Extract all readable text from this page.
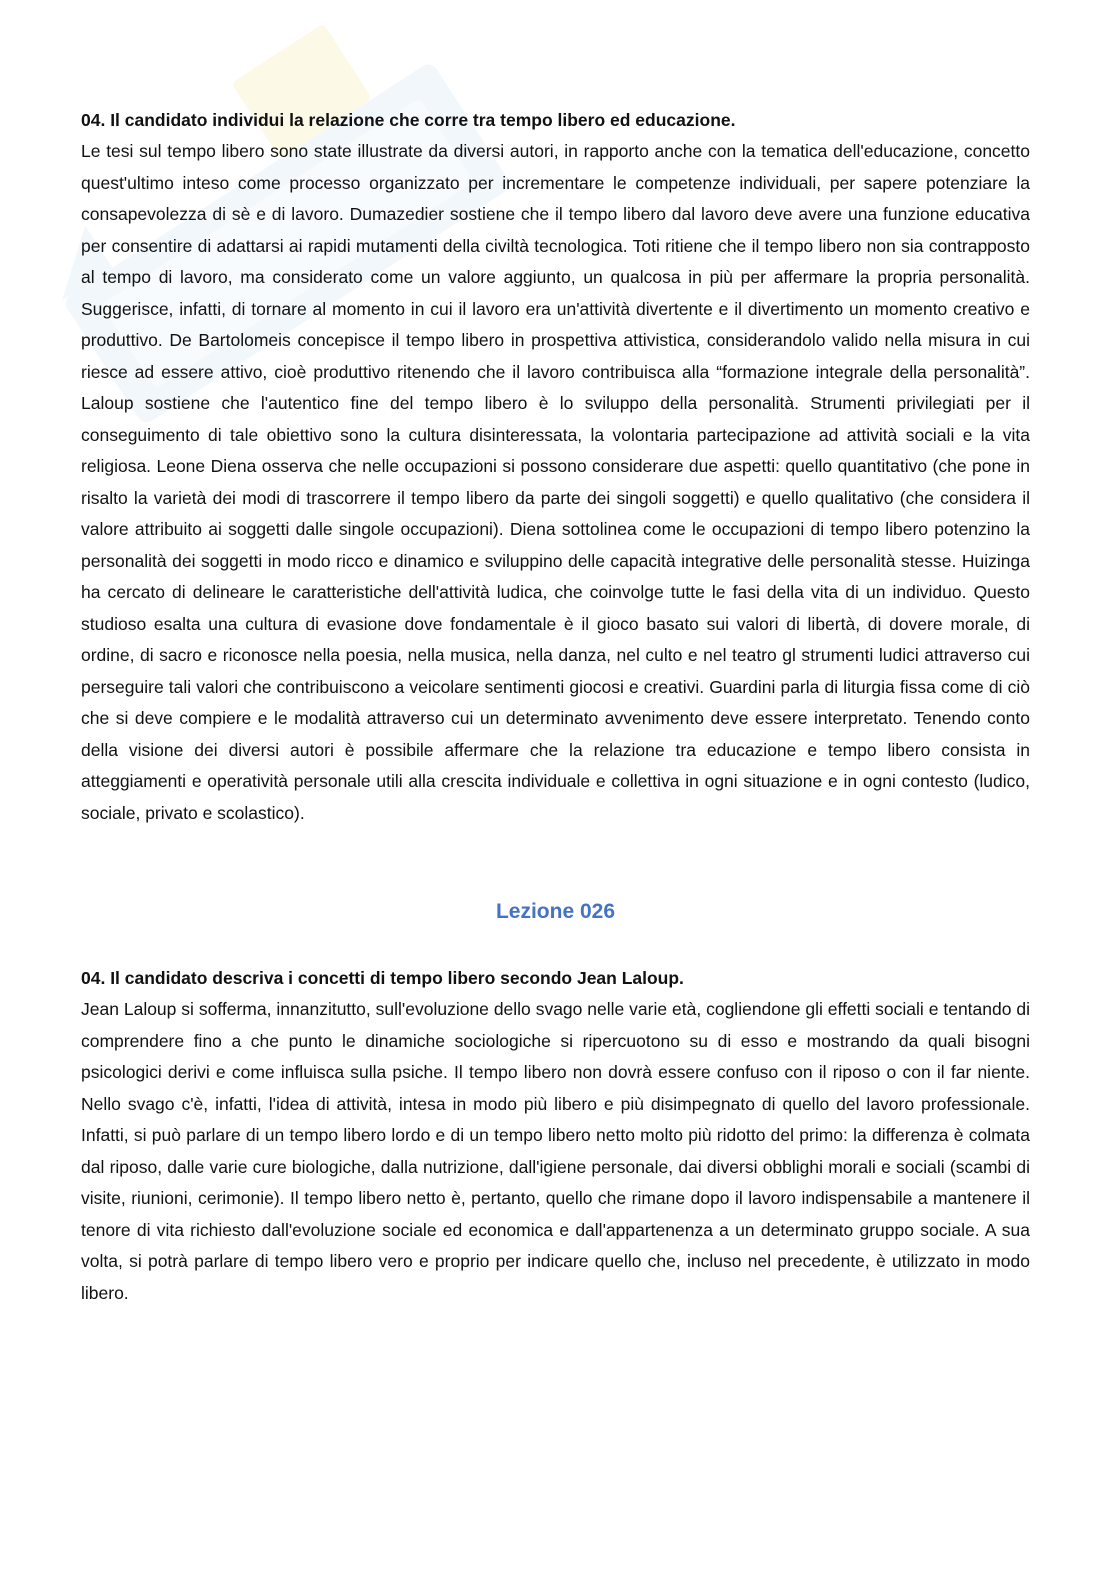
04. Il candidato individui la relazione che corre tra tempo libero ed educazione.

Le tesi sul tempo libero sono state illustrate da diversi autori, in rapporto anche con la tematica dell'educazione, concetto quest'ultimo inteso come processo organizzato per incrementare le competenze individuali, per sapere potenziare la consapevolezza di sè e di lavoro. Dumazedier sostiene che il tempo libero dal lavoro deve avere una funzione educativa per consentire di adattarsi ai rapidi mutamenti della civiltà tecnologica. Toti ritiene che il tempo libero non sia contrapposto al tempo di lavoro, ma considerato come un valore aggiunto, un qualcosa in più per affermare la propria personalità. Suggerisce, infatti, di tornare al momento in cui il lavoro era un'attività divertente e il divertimento un momento creativo e produttivo. De Bartolomeis concepisce il tempo libero in prospettiva attivistica, considerandolo valido nella misura in cui riesce ad essere attivo, cioè produttivo ritenendo che il lavoro contribuisca alla “formazione integrale della personalità”. Laloup sostiene che l'autentico fine del tempo libero è lo sviluppo della personalità. Strumenti privilegiati per il conseguimento di tale obiettivo sono la cultura disinteressata, la volontaria partecipazione ad attività sociali e la vita religiosa. Leone Diena osserva che nelle occupazioni si possono considerare due aspetti: quello quantitativo (che pone in risalto la varietà dei modi di trascorrere il tempo libero da parte dei singoli soggetti) e quello qualitativo (che considera il valore attribuito ai soggetti dalle singole occupazioni). Diena sottolinea come le occupazioni di tempo libero potenzino la personalità dei soggetti in modo ricco e dinamico e sviluppino delle capacità integrative delle personalità stesse. Huizinga ha cercato di delineare le caratteristiche dell'attività ludica, che coinvolge tutte le fasi della vita di un individuo. Questo studioso esalta una cultura di evasione dove fondamentale è il gioco basato sui valori di libertà, di dovere morale, di ordine, di sacro e riconosce nella poesia, nella musica, nella danza, nel culto e nel teatro gl strumenti ludici attraverso cui perseguire tali valori che contribuiscono a veicolare sentimenti giocosi e creativi. Guardini parla di liturgia fissa come di ciò che si deve compiere e le modalità attraverso cui un determinato avvenimento deve essere interpretato. Tenendo conto della visione dei diversi autori è possibile affermare che la relazione tra educazione e tempo libero consista in atteggiamenti e operatività personale utili alla crescita individuale e collettiva in ogni situazione e in ogni contesto (ludico, sociale, privato e scolastico).

Lezione 026

04. Il candidato descriva i concetti di tempo libero secondo Jean Laloup.

Jean Laloup si sofferma, innanzitutto, sull'evoluzione dello svago nelle varie età, cogliendone gli effetti sociali e tentando di comprendere fino a che punto le dinamiche sociologiche si ripercuotono su di esso e mostrando da quali bisogni psicologici derivi e come influisca sulla psiche. Il tempo libero non dovrà essere confuso con il riposo o con il far niente. Nello svago c'è, infatti, l'idea di attività, intesa in modo più libero e più disimpegnato di quello del lavoro professionale. Infatti, si può parlare di un tempo libero lordo e di un tempo libero netto molto più ridotto del primo: la differenza è colmata dal riposo, dalle varie cure biologiche, dalla nutrizione, dall'igiene personale, dai diversi obblighi morali e sociali (scambi di visite, riunioni, cerimonie). Il tempo libero netto è, pertanto, quello che rimane dopo il lavoro indispensabile a mantenere il tenore di vita richiesto dall'evoluzione sociale ed economica e dall'appartenenza a un determinato gruppo sociale. A sua volta, si potrà parlare di tempo libero vero e proprio per indicare quello che, incluso nel precedente, è utilizzato in modo libero.
